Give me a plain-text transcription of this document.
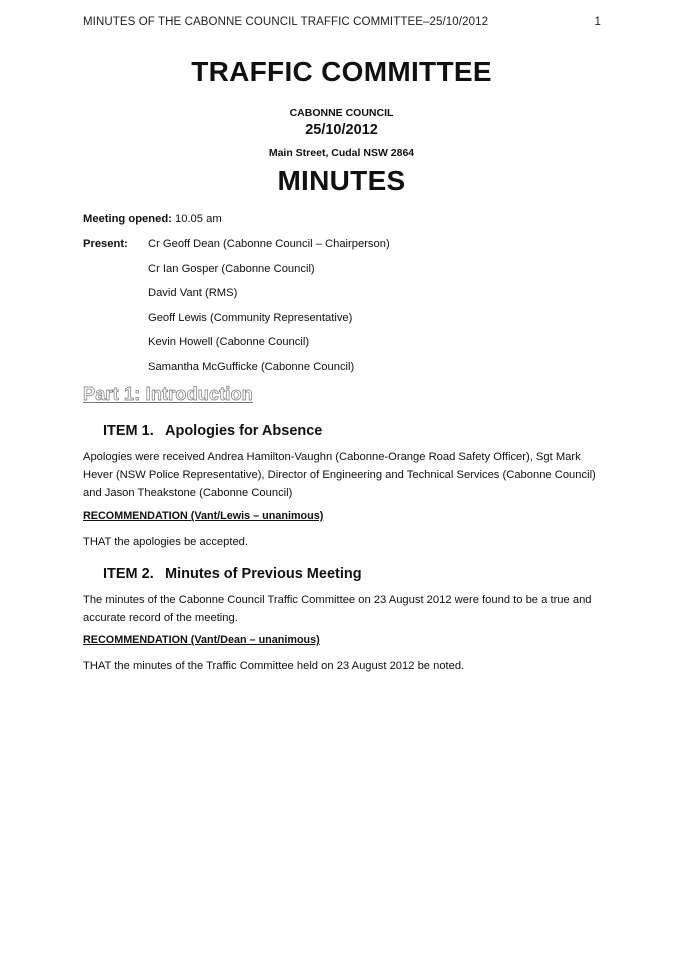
MINUTES OF THE CABONNE COUNCIL TRAFFIC COMMITTEE–25/10/2012	1
TRAFFIC COMMITTEE
CABONNE COUNCIL
25/10/2012
Main Street, Cudal NSW 2864
MINUTES
Meeting opened: 10.05 am
Present: Cr Geoff Dean (Cabonne Council – Chairperson)
Cr Ian Gosper (Cabonne Council)
David Vant (RMS)
Geoff Lewis (Community Representative)
Kevin Howell (Cabonne Council)
Samantha McGufficke (Cabonne Council)
Part 1: Introduction
ITEM 1. Apologies for Absence
Apologies were received Andrea Hamilton-Vaughn (Cabonne-Orange Road Safety Officer), Sgt Mark Hever (NSW Police Representative), Director of Engineering and Technical Services (Cabonne Council) and Jason Theakstone (Cabonne Council)
RECOMMENDATION (Vant/Lewis – unanimous)
THAT the apologies be accepted.
ITEM 2. Minutes of Previous Meeting
The minutes of the Cabonne Council Traffic Committee on 23 August 2012 were found to be a true and accurate record of the meeting.
RECOMMENDATION (Vant/Dean – unanimous)
THAT the minutes of the Traffic Committee held on 23 August 2012 be noted.
